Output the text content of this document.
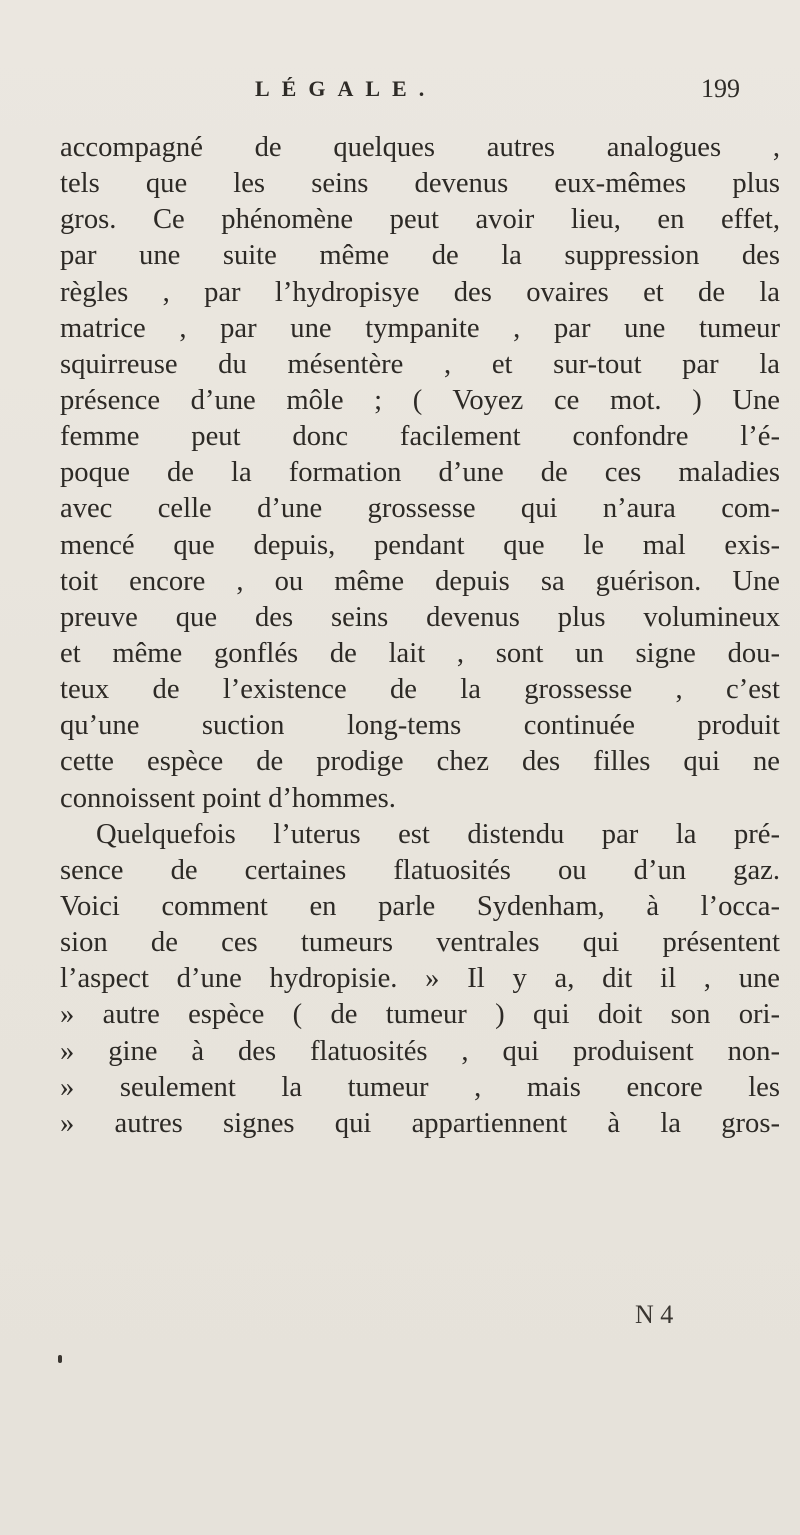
LÉGALE.	199
accompagné de quelques autres analogues ,
tels que les seins devenus eux-mêmes plus
gros. Ce phénomène peut avoir lieu, en effet,
par une suite même de la suppression des
règles , par l’hydropisye des ovaires et de la
matrice , par une tympanite , par une tumeur
squirreuse du mésentère , et sur-tout par la
présence d’une môle ; ( Voyez ce mot. ) Une
femme peut donc facilement confondre l’é-
poque de la formation d’une de ces maladies
avec celle d’une grossesse qui n’aura com-
mencé que depuis, pendant que le mal exis-
toit encore , ou même depuis sa guérison. Une
preuve que des seins devenus plus volumineux
et même gonflés de lait , sont un signe dou-
teux de l’existence de la grossesse , c’est
qu’une suction long-tems continuée produit
cette espèce de prodige chez des filles qui ne
connoissent point d’hommes.
Quelquefois l’uterus est distendu par la pré-
sence de certaines flatuosités ou d’un gaz.
Voici comment en parle Sydenham, à l’occa-
sion de ces tumeurs ventrales qui présentent
l’aspect d’une hydropisie. » Il y a, dit il , une
» autre espèce ( de tumeur ) qui doit son ori-
» gine à des flatuosités , qui produisent non-
» seulement la tumeur , mais encore les
» autres signes qui appartiennent à la gros-
N 4
